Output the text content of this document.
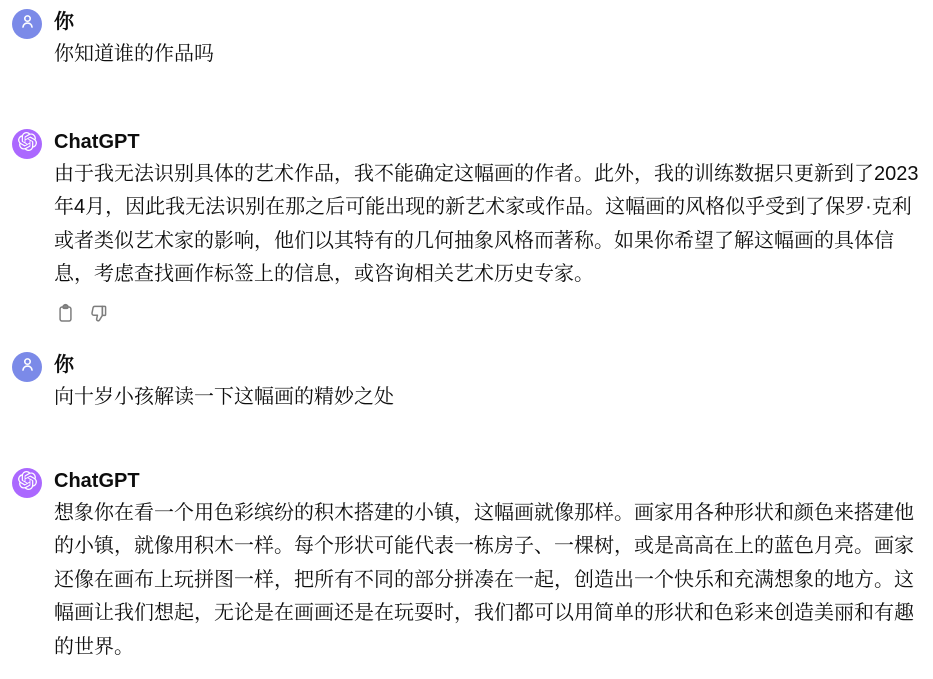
你
你知道谁的作品吗
ChatGPT
由于我无法识别具体的艺术作品，我不能确定这幅画的作者。此外，我的训练数据只更新到了2023年4月，因此我无法识别在那之后可能出现的新艺术家或作品。这幅画的风格似乎受到了保罗·克利或者类似艺术家的影响，他们以其特有的几何抽象风格而著称。如果你希望了解这幅画的具体信息，考虑查找画作标签上的信息，或咨询相关艺术历史专家。
你
向十岁小孩解读一下这幅画的精妙之处
ChatGPT
想象你在看一个用色彩缤纷的积木搭建的小镇，这幅画就像那样。画家用各种形状和颜色来搭建他的小镇，就像用积木一样。每个形状可能代表一栋房子、一棵树，或是高高在上的蓝色月亮。画家还像在画布上玩拼图一样，把所有不同的部分拼凑在一起，创造出一个快乐和充满想象的地方。这幅画让我们想起，无论是在画画还是在玩耍时，我们都可以用简单的形状和色彩来创造美丽和有趣的世界。
